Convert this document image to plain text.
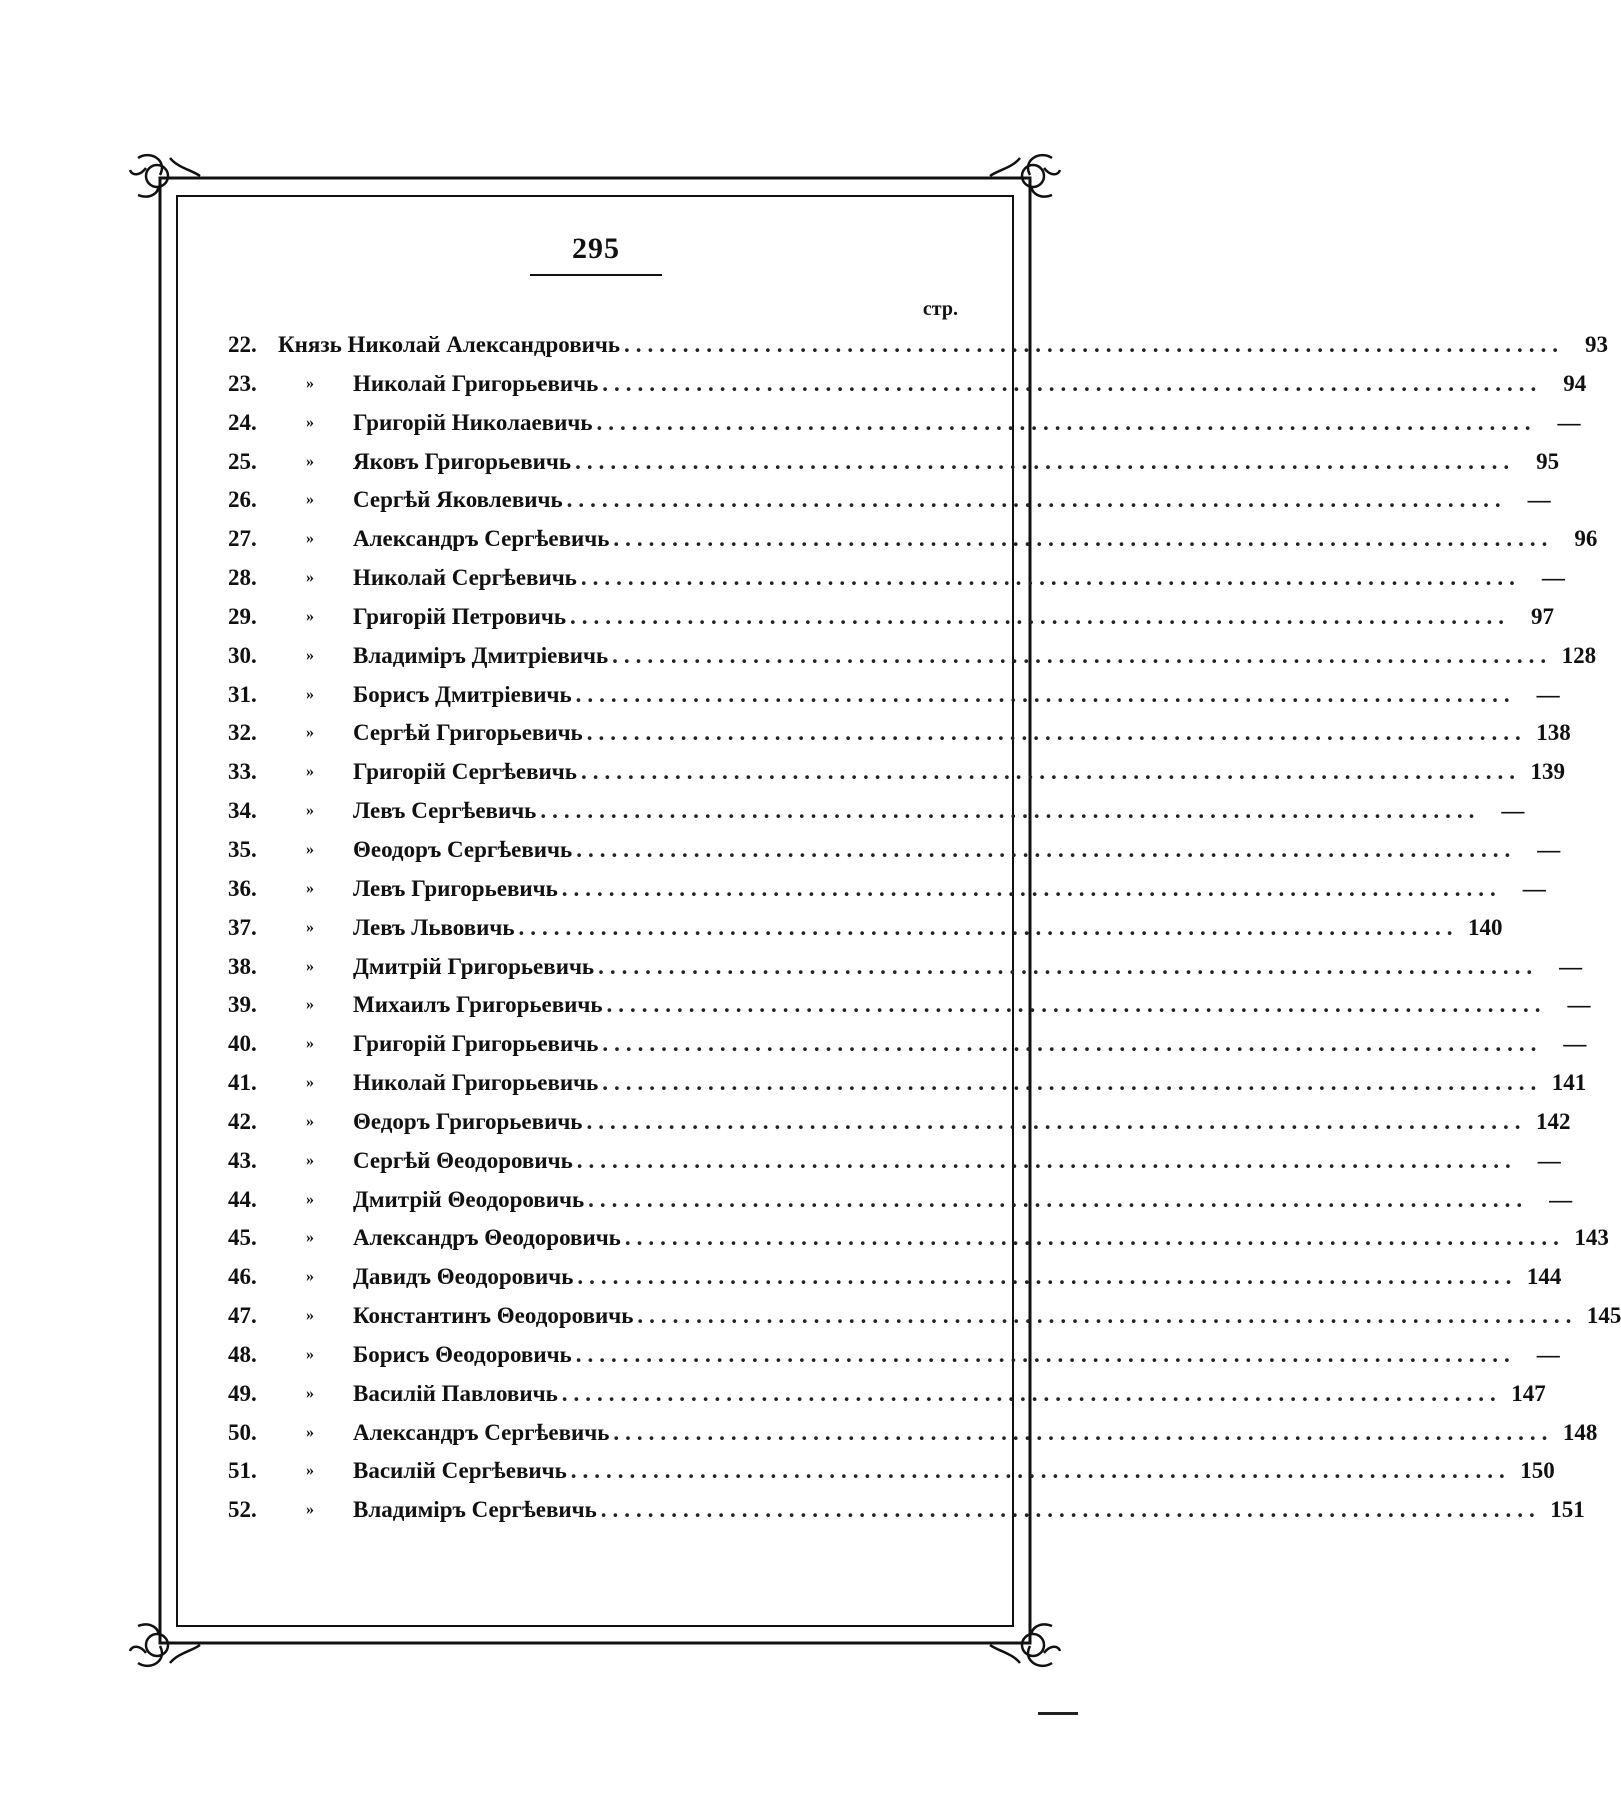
295
стр.
22. Князь Николай Александровичь ................................................................................ 93
23.	»	Николай Григорьевичь ................................................................................ 94
24.	»	Григорій Николаевичь ................................................................................ —
25.	»	Яковъ Григорьевичь ................................................................................ 95
26.	»	Сергѣй Яковлевичь ................................................................................ —
27.	»	Александръ Сергѣевичь ................................................................................ 96
28.	»	Николай Сергѣевичь ................................................................................ —
29.	»	Григорій Петровичь ................................................................................ 97
30.	»	Владиміръ Дмитріевичь ................................................................................ 128
31.	»	Борисъ Дмитріевичь ................................................................................ —
32.	»	Сергѣй Григорьевичь ................................................................................ 138
33.	»	Григорій Сергѣевичь ................................................................................ 139
34.	»	Левъ Сергѣевичь ................................................................................ —
35.	»	Θеодоръ Сергѣевичь ................................................................................ —
36.	»	Левъ Григорьевичь ................................................................................ —
37.	»	Левъ Львовичь ................................................................................ 140
38.	»	Дмитрій Григорьевичь ................................................................................ —
39.	»	Михаилъ Григорьевичь ................................................................................ —
40.	»	Григорій Григорьевичь ................................................................................ —
41.	»	Николай Григорьевичь ................................................................................ 141
42.	»	Θедоръ Григорьевичь ................................................................................ 142
43.	»	Сергѣй Θеодоровичь ................................................................................ —
44.	»	Дмитрій Θеодоровичь ................................................................................ —
45.	»	Александръ Θеодоровичь ................................................................................ 143
46.	»	Давидъ Θеодоровичь ................................................................................ 144
47.	»	Константинъ Θеодоровичь ................................................................................ 145
48.	»	Борисъ Θеодоровичь ................................................................................ —
49.	»	Василій Павловичь ................................................................................ 147
50.	»	Александръ Сергѣевичь ................................................................................ 148
51.	»	Василій Сергѣевичь ................................................................................ 150
52.	»	Владиміръ Сергѣевичь ................................................................................ 151
